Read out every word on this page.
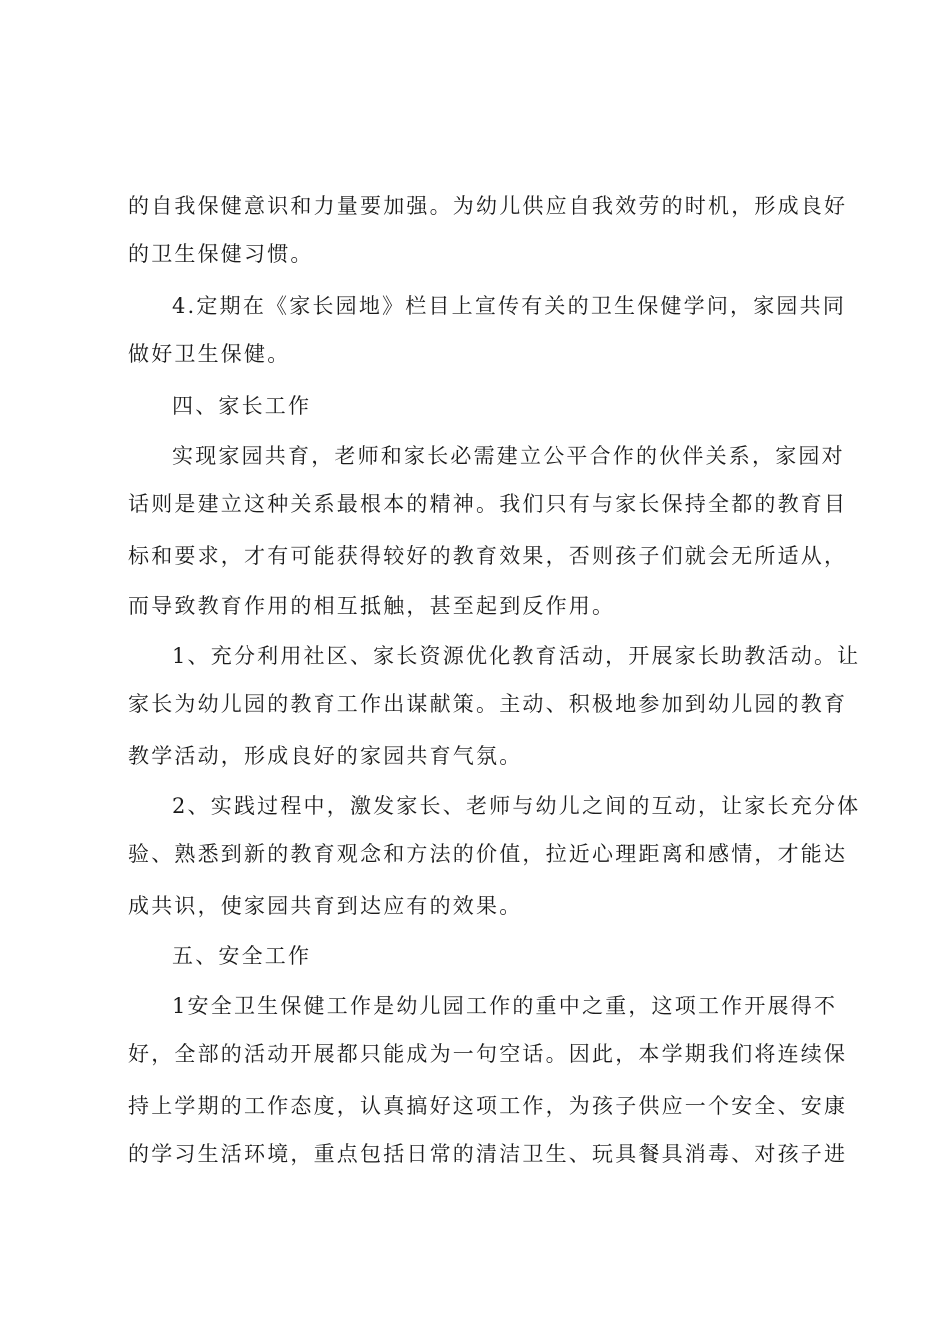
的自我保健意识和力量要加强。为幼儿供应自我效劳的时机，形成良好
的卫生保健习惯。
4.定期在《家长园地》栏目上宣传有关的卫生保健学问，家园共同
做好卫生保健。
四、家长工作
实现家园共育，老师和家长必需建立公平合作的伙伴关系，家园对
话则是建立这种关系最根本的精神。我们只有与家长保持全都的教育目
标和要求，才有可能获得较好的教育效果，否则孩子们就会无所适从，
而导致教育作用的相互抵触，甚至起到反作用。
1、充分利用社区、家长资源优化教育活动，开展家长助教活动。让
家长为幼儿园的教育工作出谋献策。主动、积极地参加到幼儿园的教育
教学活动，形成良好的家园共育气氛。
2、实践过程中，激发家长、老师与幼儿之间的互动，让家长充分体
验、熟悉到新的教育观念和方法的价值，拉近心理距离和感情，才能达
成共识，使家园共育到达应有的效果。
五、安全工作
1安全卫生保健工作是幼儿园工作的重中之重，这项工作开展得不
好，全部的活动开展都只能成为一句空话。因此，本学期我们将连续保
持上学期的工作态度，认真搞好这项工作，为孩子供应一个安全、安康
的学习生活环境，重点包括日常的清洁卫生、玩具餐具消毒、对孩子进
